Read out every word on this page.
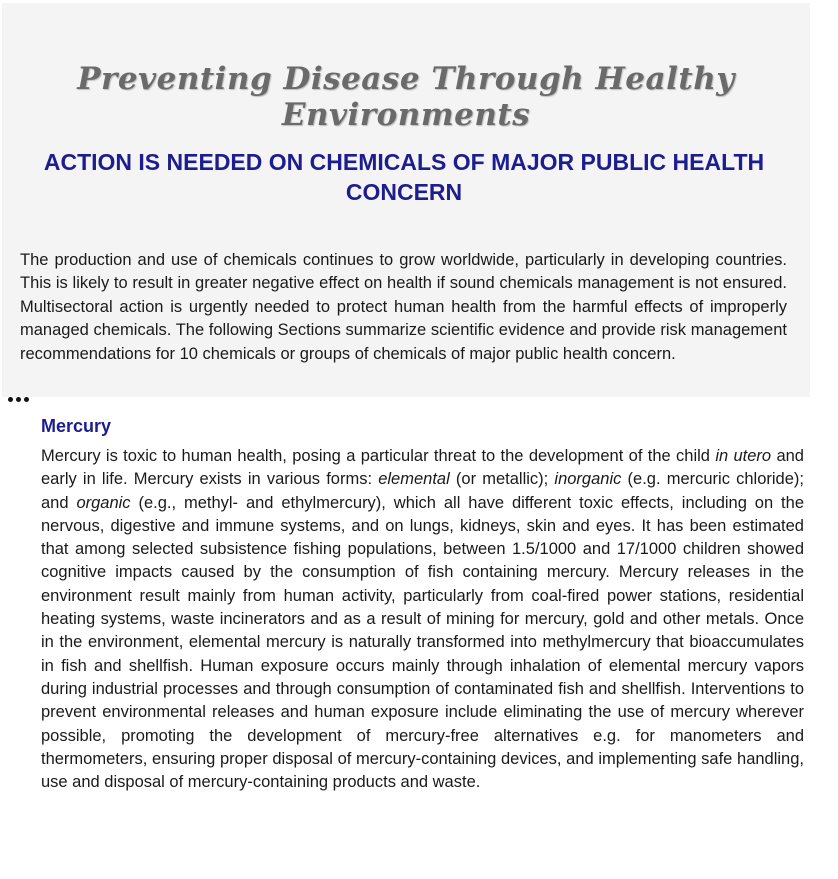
Preventing Disease Through Healthy Environments
ACTION IS NEEDED ON CHEMICALS OF MAJOR PUBLIC HEALTH CONCERN

The production and use of chemicals continues to grow worldwide, particularly in developing countries. This is likely to result in greater negative effect on health if sound chemicals management is not ensured. Multisectoral action is urgently needed to protect human health from the harmful effects of improperly managed chemicals. The following Sections summarize scientific evidence and provide risk management recommendations for 10 chemicals or groups of chemicals of major public health concern.

Mercury

Mercury is toxic to human health, posing a particular threat to the development of the child in utero and early in life. Mercury exists in various forms: elemental (or metallic); inorganic (e.g. mercuric chloride); and organic (e.g., methyl- and ethylmercury), which all have different toxic effects, including on the nervous, digestive and immune systems, and on lungs, kidneys, skin and eyes. It has been estimated that among selected subsistence fishing populations, between 1.5/1000 and 17/1000 children showed cognitive impacts caused by the consumption of fish containing mercury. Mercury releases in the environment result mainly from human activity, particularly from coal-fired power stations, residential heating systems, waste incinerators and as a result of mining for mercury, gold and other metals. Once in the environment, elemental mercury is naturally transformed into methylmercury that bioaccumulates in fish and shellfish. Human exposure occurs mainly through inhalation of elemental mercury vapors during industrial processes and through consumption of contaminated fish and shellfish. Interventions to prevent environmental releases and human exposure include eliminating the use of mercury wherever possible, promoting the development of mercury-free alternatives e.g. for manometers and thermometers, ensuring proper disposal of mercury-containing devices, and implementing safe handling, use and disposal of mercury-containing products and waste.
